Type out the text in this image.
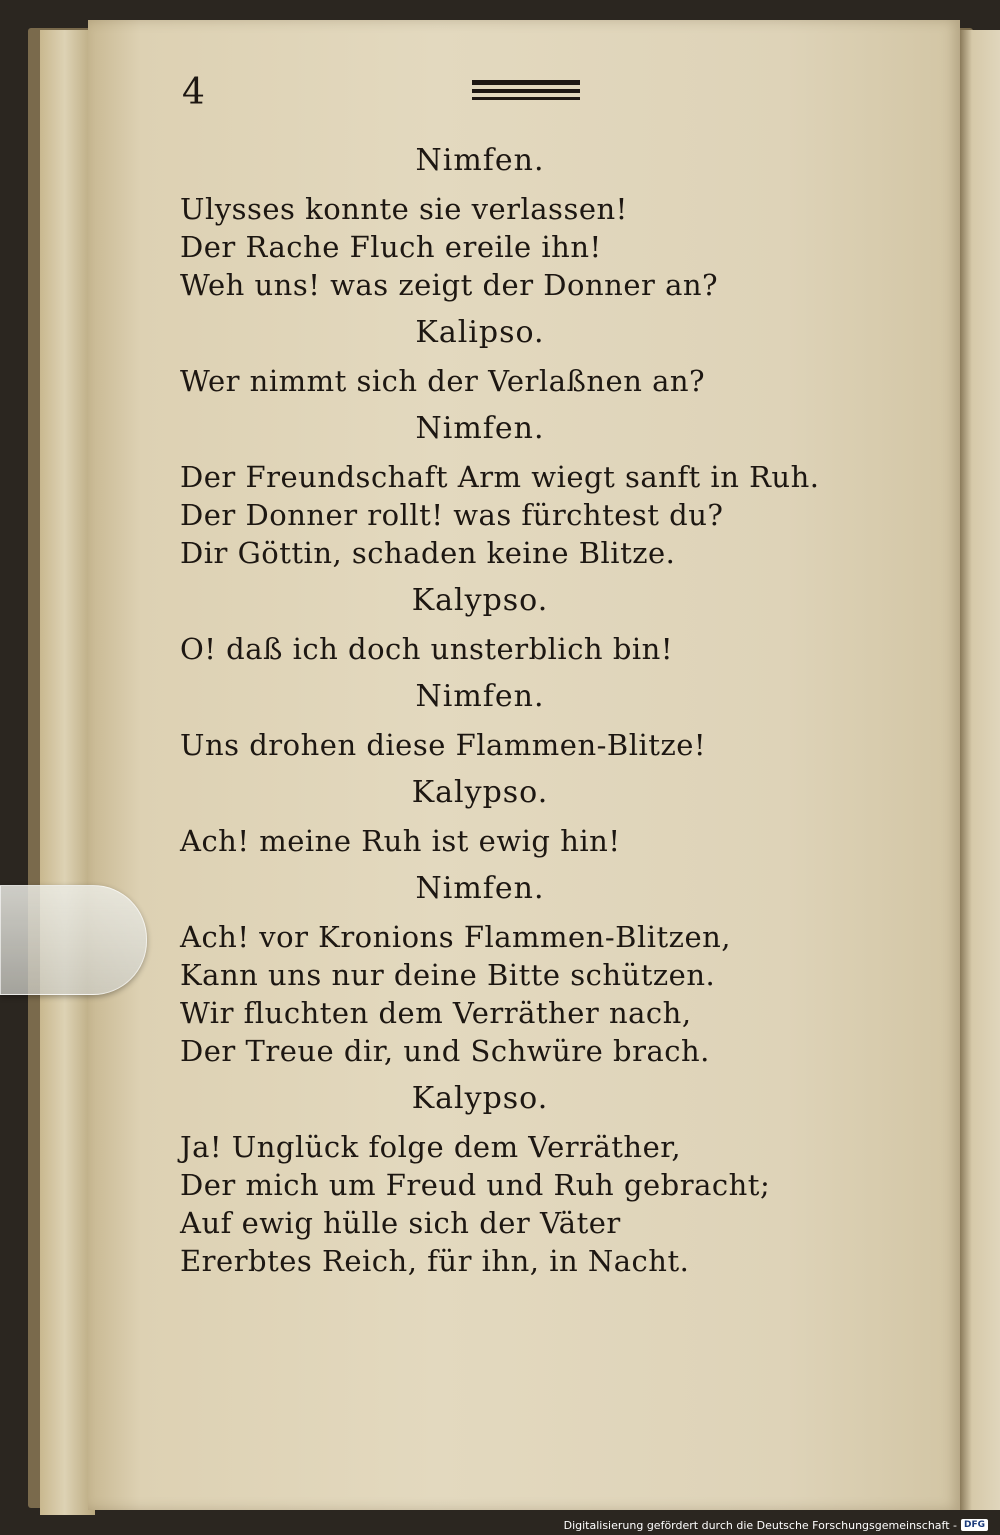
4
Nimfen.
Ulysses konnte sie verlassen!
Der Rache Fluch ereile ihn!
Weh uns! was zeigt der Donner an?
Kalipso.
Wer nimmt sich der Verlaßnen an?
Nimfen.
Der Freundschaft Arm wiegt sanft in Ruh.
Der Donner rollt! was fürchtest du?
Dir Göttin, schaden keine Blitze.
Kalypso.
O! daß ich doch unsterblich bin!
Nimfen.
Uns drohen diese Flammen-Blitze!
Kalypso.
Ach! meine Ruh ist ewig hin!
Nimfen.
Ach! vor Kronions Flammen-Blitzen,
Kann uns nur deine Bitte schützen.
Wir fluchten dem Verräther nach,
Der Treue dir, und Schwüre brach.
Kalypso.
Ja! Unglück folge dem Verräther,
Der mich um Freud und Ruh gebracht;
Auf ewig hülle sich der Väter
Ererbtes Reich, für ihn, in Nacht.
Digitalisierung gefördert durch die Deutsche Forschungsgemeinschaft - DFG
